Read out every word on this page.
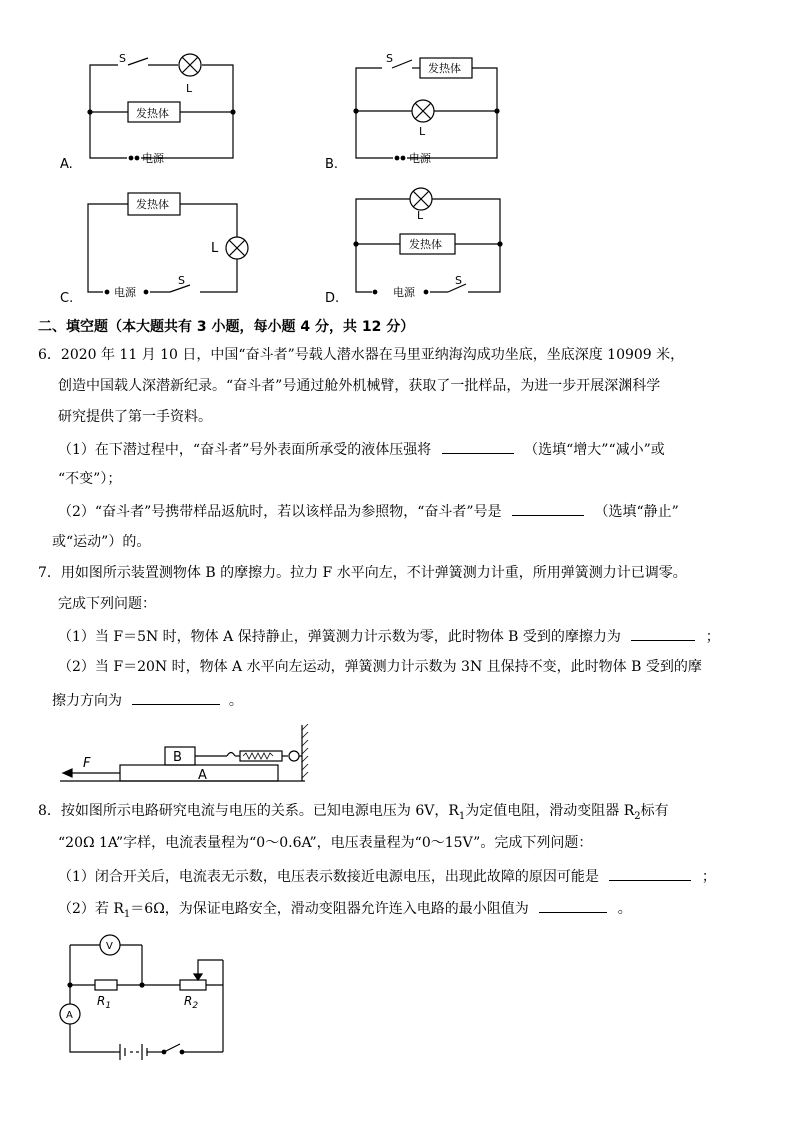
S
L
发热体
电源
A.
S
发热体
L
电源
B.
发热体
L
电源
S
C.
L
发热体
电源
S
D.
二、填空题（本大题共有 3 小题，每小题 4 分，共 12 分）
6．2020 年 11 月 10 日，中国“奋斗者”号载人潜水器在马里亚纳海沟成功坐底，坐底深度 10909 米，
创造中国载人深潜新纪录。“奋斗者”号通过舱外机械臂，获取了一批样品，为进一步开展深渊科学
研究提供了第一手资料。
（1）在下潜过程中，“奋斗者”号外表面所承受的液体压强将	（选填“增大”“减小”或
“不变”）；
（2）“奋斗者”号携带样品返航时，若以该样品为参照物，“奋斗者”号是	（选填“静止”
或“运动”）的。
7．用如图所示装置测物体 B 的摩擦力。拉力 F 水平向左，不计弹簧测力计重，所用弹簧测力计已调零。
完成下列问题：
（1）当 F＝5N 时，物体 A 保持静止，弹簧测力计示数为零，此时物体 B 受到的摩擦力为	；
（2）当 F＝20N 时，物体 A 水平向左运动，弹簧测力计示数为 3N 且保持不变，此时物体 B 受到的摩
擦力方向为	。
B
A
F
8．按如图所示电路研究电流与电压的关系。已知电源电压为 6V，$R_1$为定值电阻，滑动变阻器 $R_2$标有
“20Ω 1A”字样，电流表量程为“0～0.6A”，电压表量程为“0～15V”。完成下列问题：
（1）闭合开关后，电流表无示数，电压表示数接近电源电压，出现此故障的原因可能是	；
（2）若 $R_1=6\Omega$，为保证电路安全，滑动变阻器允许连入电路的最小阻值为	。
V
A
$R_1$	$R_2$
